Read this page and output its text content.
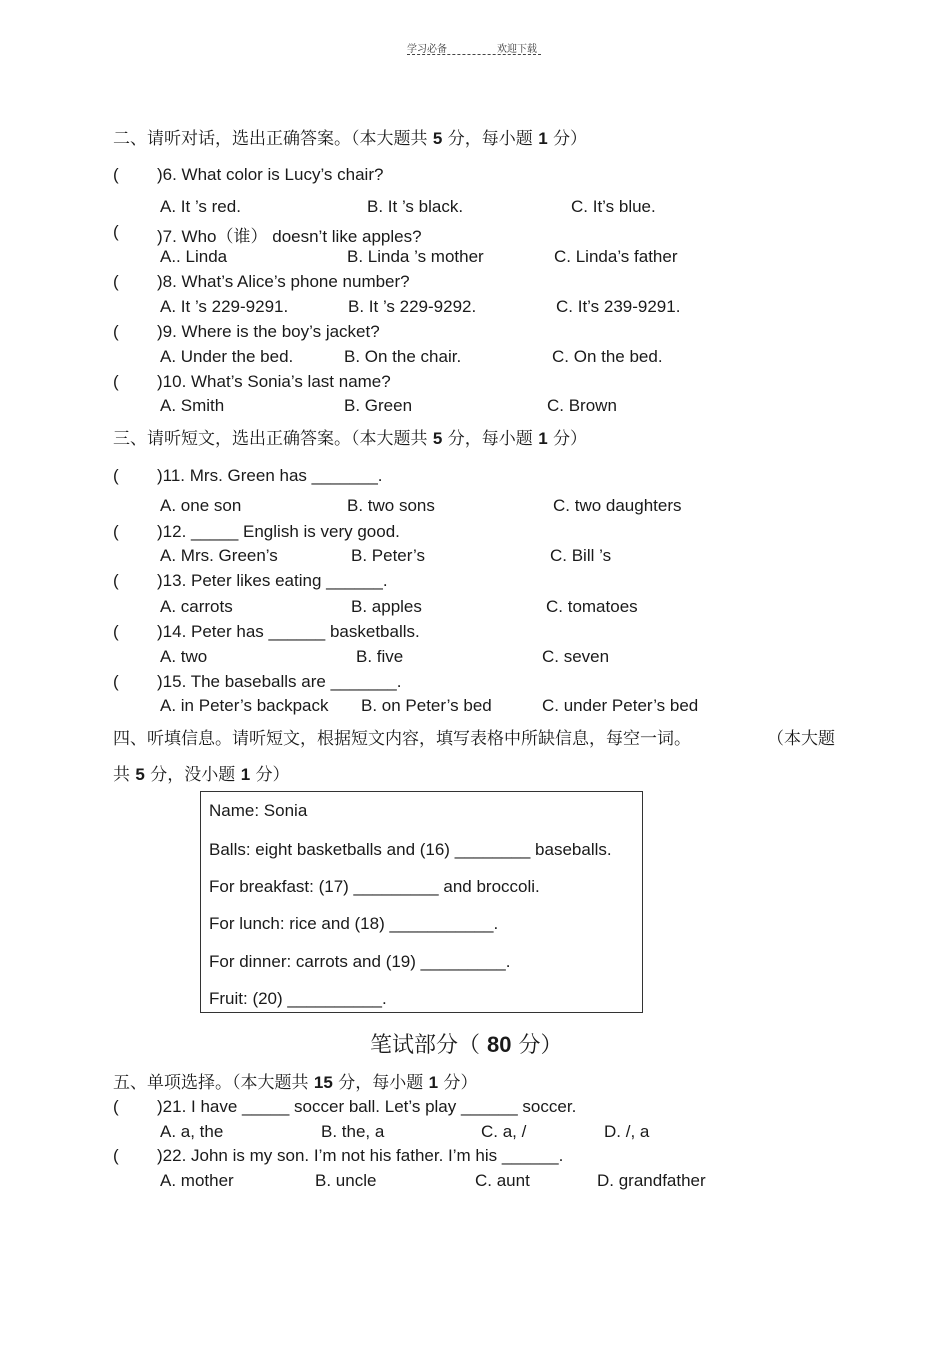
学习必备	欢迎下载
二、请听对话，选出正确答案。（本大题共 5 分，每小题 1 分）
( )6. What color is Lucy’s chair?
A. It ’s red.	B. It ’s black.	C. It’s blue.
( )7. Who（谁） doesn’t like apples?
A.. Linda	B. Linda ’s mother	C. Linda’s father
( )8. What’s Alice’s phone number?
A. It ’s 229-9291.	B. It ’s 229-9292.	C. It’s 239-9291.
( )9. Where is the boy’s jacket?
A. Under the bed.	B. On the chair.	C. On the bed.
( )10. What’s Sonia’s last name?
A. Smith	B. Green	C. Brown
三、请听短文，选出正确答案。（本大题共 5 分，每小题 1 分）
( )11. Mrs. Green has _______.
A. one son	B. two sons	C. two daughters
( )12. _____ English is very good.
A. Mrs. Green’s	B. Peter’s	C. Bill ’s
( )13. Peter likes eating ______.
A. carrots	B. apples	C. tomatoes
( )14. Peter has ______ basketballs.
A. two	B. five	C. seven
( )15. The baseballs are _______.
A. in Peter’s backpack B. on Peter’s bed	C. under Peter’s bed
四、听填信息。请听短文，根据短文内容，填写表格中所缺信息，每空一词。	（本大题
共 5 分，没小题 1 分）
Name: Sonia
Balls: eight basketballs and (16) ________ baseballs.
For breakfast: (17) _________ and broccoli.
For lunch: rice and (18) ___________.
For dinner: carrots and (19) _________.
Fruit: (20) __________.
笔试部分（ 80 分）
五、单项选择。（本大题共 15 分，每小题 1 分）
( )21. I have _____ soccer ball. Let’s play ______ soccer.
A. a, the	B. the, a	C. a, /	D. /, a
( )22. John is my son. I’m not his father. I’m his ______.
A. mother	B. uncle	C. aunt	D. grandfather
